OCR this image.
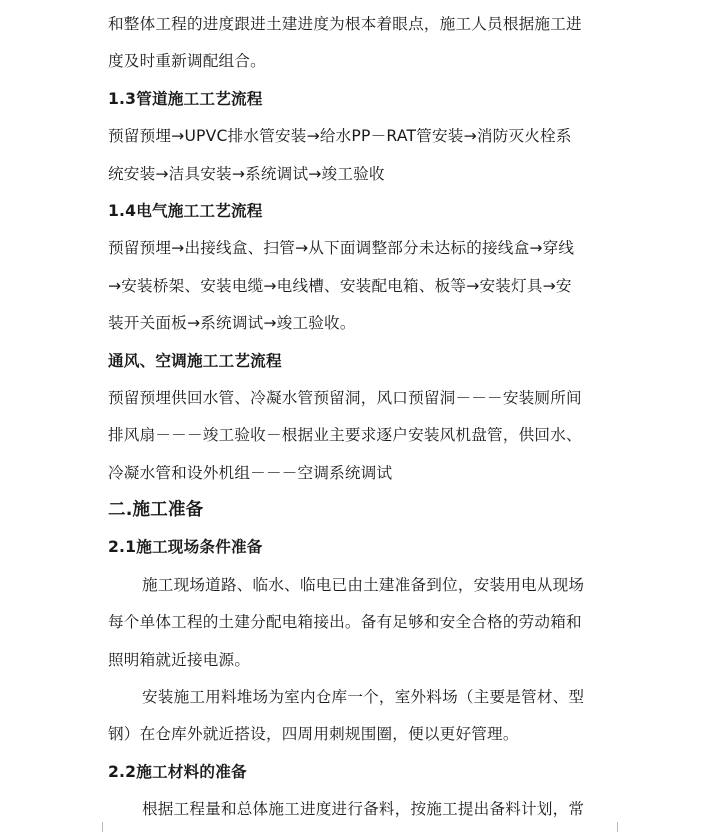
和整体工程的进度跟进土建进度为根本着眼点，施工人员根据施工进
度及时重新调配组合。
1.3管道施工工艺流程
预留预埋→UPVC排水管安装→给水PP－RAT管安装→消防灭火栓系
统安装→洁具安装→系统调试→竣工验收
1.4电气施工工艺流程
预留预埋→出接线盒、扫管→从下面调整部分未达标的接线盒→穿线
→安装桥架、安装电缆→电线槽、安装配电箱、板等→安装灯具→安
装开关面板→系统调试→竣工验收。
通风、空调施工工艺流程
预留预埋供回水管、冷凝水管预留洞，风口预留洞－－－安装厕所间
排风扇－－－竣工验收－根据业主要求逐户安装风机盘管，供回水、
冷凝水管和设外机组－－－空调系统调试
二.施工准备
2.1施工现场条件准备
施工现场道路、临水、临电已由土建准备到位，安装用电从现场
每个单体工程的土建分配电箱接出。备有足够和安全合格的劳动箱和
照明箱就近接电源。
安装施工用料堆场为室内仓库一个，室外料场（主要是管材、型
钢）在仓库外就近搭设，四周用刺规围圈，便以更好管理。
2.2施工材料的准备
根据工程量和总体施工进度进行备料，按施工提出备料计划，常
